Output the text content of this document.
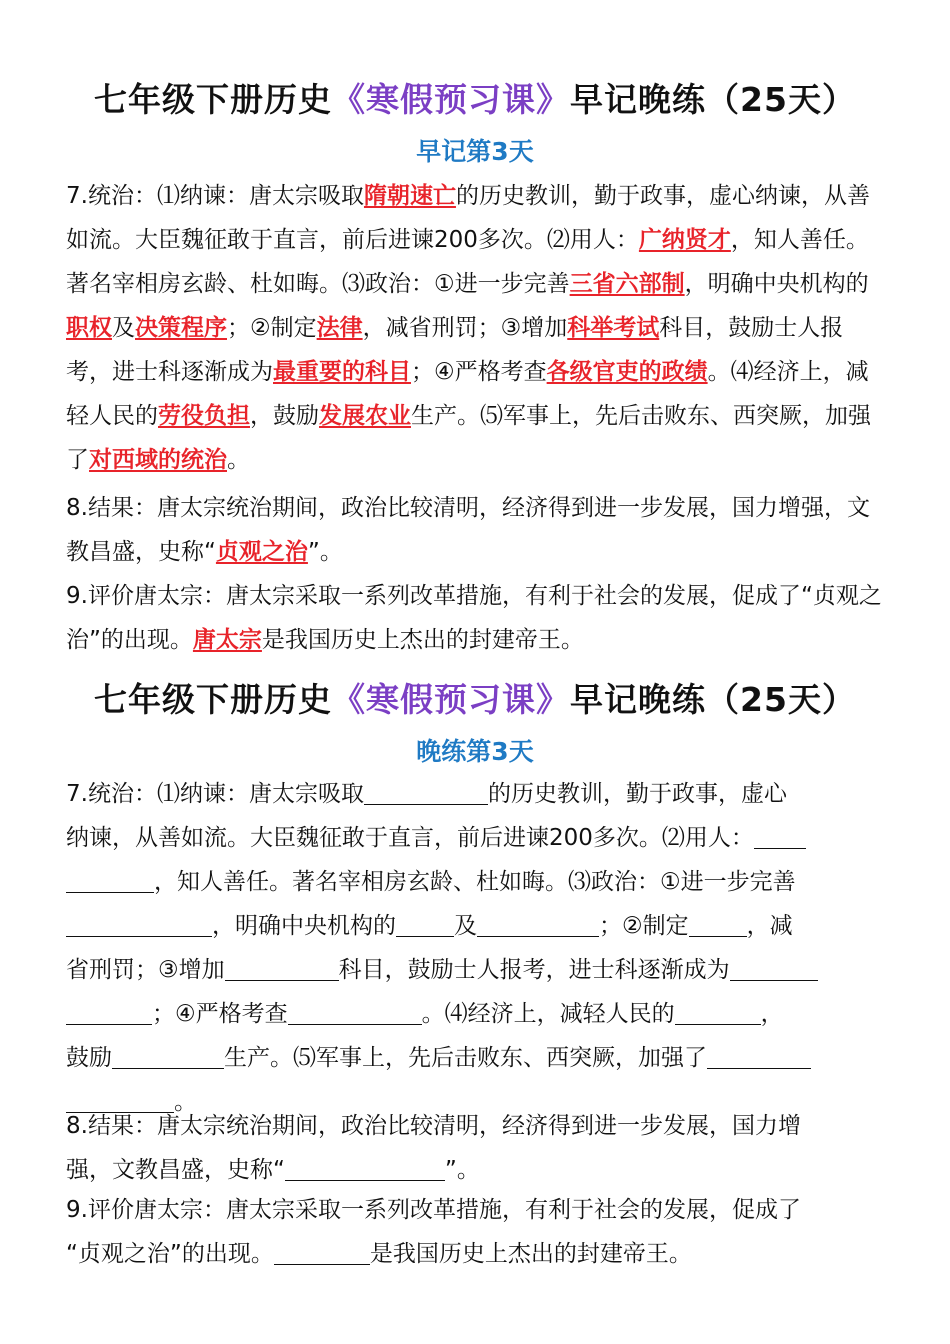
七年级下册历史《寒假预习课》早记晚练（25天）
早记第3天

7.统治：⑴纳谏：唐太宗吸取隋朝速亡的历史教训，勤于政事，虚心纳谏，从善如流。大臣魏征敢于直言，前后进谏200多次。⑵用人：广纳贤才，知人善任。著名宰相房玄龄、杜如晦。⑶政治：①进一步完善三省六部制，明确中央机构的职权及决策程序；②制定法律，减省刑罚；③增加科举考试科目，鼓励士人报考，进士科逐渐成为最重要的科目；④严格考查各级官吏的政绩。⑷经济上，减轻人民的劳役负担，鼓励发展农业生产。⑸军事上，先后击败东、西突厥，加强了对西域的统治。

8.结果：唐太宗统治期间，政治比较清明，经济得到进一步发展，国力增强，文教昌盛，史称“贞观之治”。

9.评价唐太宗：唐太宗采取一系列改革措施，有利于社会的发展，促成了“贞观之治”的出现。唐太宗是我国历史上杰出的封建帝王。

七年级下册历史《寒假预习课》早记晚练（25天）
晚练第3天

7.统治：⑴纳谏：唐太宗吸取	的历史教训，勤于政事，虚心

纳谏，从善如流。大臣魏征敢于直言，前后进谏200多次。⑵用人：

，知人善任。著名宰相房玄龄、杜如晦。⑶政治：①进一步完善

，明确中央机构的	及	；②制定	，减

省刑罚；③增加	科目，鼓励士人报考，进士科逐渐成为

；④严格考查	。⑷经济上，减轻人民的	，

鼓励	生产。⑸军事上，先后击败东、西突厥，加强了

。

8.结果：唐太宗统治期间，政治比较清明，经济得到进一步发展，国力增

强，文教昌盛，史称“	”。

9.评价唐太宗：唐太宗采取一系列改革措施，有利于社会的发展，促成了

“贞观之治”的出现。	是我国历史上杰出的封建帝王。
